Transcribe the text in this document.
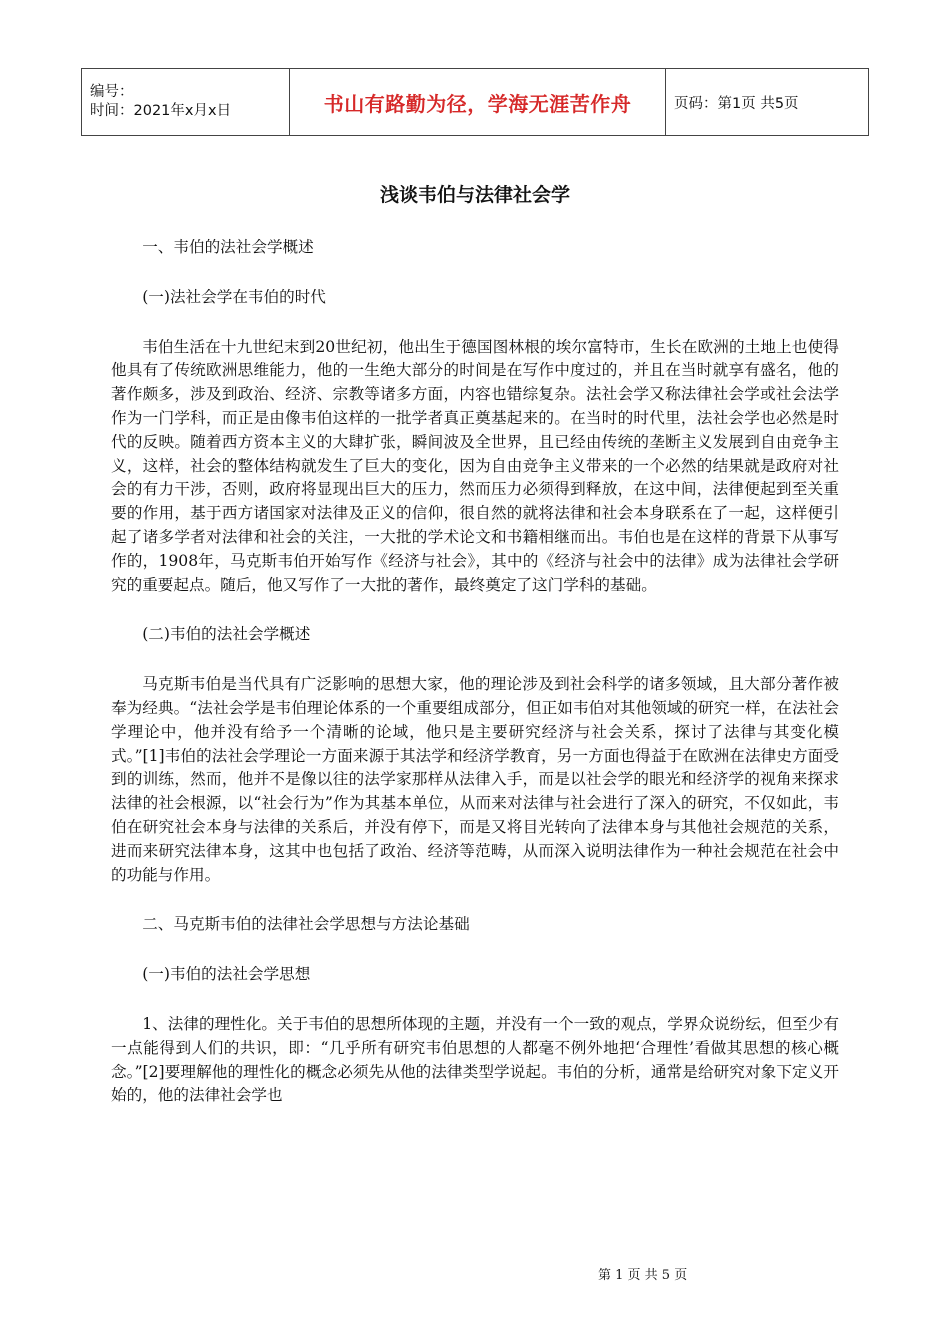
编号：
时间：2021年x月x日	书山有路勤为径，学海无涯苦作舟	页码：第1页 共5页
浅谈韦伯与法律社会学

一、韦伯的法社会学概述

(一)法社会学在韦伯的时代

韦伯生活在十九世纪末到20世纪初，他出生于德国图林根的埃尔富特市，生长在欧洲的土地上也使得他具有了传统欧洲思维能力，他的一生绝大部分的时间是在写作中度过的，并且在当时就享有盛名，他的著作颇多，涉及到政治、经济、宗教等诸多方面，内容也错综复杂。法社会学又称法律社会学或社会法学作为一门学科，而正是由像韦伯这样的一批学者真正奠基起来的。在当时的时代里，法社会学也必然是时代的反映。随着西方资本主义的大肆扩张，瞬间波及全世界，且已经由传统的垄断主义发展到自由竞争主义，这样，社会的整体结构就发生了巨大的变化，因为自由竞争主义带来的一个必然的结果就是政府对社会的有力干涉，否则，政府将显现出巨大的压力，然而压力必须得到释放，在这中间，法律便起到至关重要的作用，基于西方诸国家对法律及正义的信仰，很自然的就将法律和社会本身联系在了一起，这样便引起了诸多学者对法律和社会的关注，一大批的学术论文和书籍相继而出。韦伯也是在这样的背景下从事写作的，1908年，马克斯韦伯开始写作《经济与社会》，其中的《经济与社会中的法律》成为法律社会学研究的重要起点。随后，他又写作了一大批的著作，最终奠定了这门学科的基础。

(二)韦伯的法社会学概述

马克斯韦伯是当代具有广泛影响的思想大家，他的理论涉及到社会科学的诸多领域，且大部分著作被奉为经典。“法社会学是韦伯理论体系的一个重要组成部分，但正如韦伯对其他领域的研究一样，在法社会学理论中，他并没有给予一个清晰的论域，他只是主要研究经济与社会关系，探讨了法律与其变化模式。”[1]韦伯的法社会学理论一方面来源于其法学和经济学教育，另一方面也得益于在欧洲在法律史方面受到的训练，然而，他并不是像以往的法学家那样从法律入手，而是以社会学的眼光和经济学的视角来探求法律的社会根源，以“社会行为”作为其基本单位，从而来对法律与社会进行了深入的研究，不仅如此，韦伯在研究社会本身与法律的关系后，并没有停下，而是又将目光转向了法律本身与其他社会规范的关系，进而来研究法律本身，这其中也包括了政治、经济等范畴，从而深入说明法律作为一种社会规范在社会中的功能与作用。

二、马克斯韦伯的法律社会学思想与方法论基础

(一)韦伯的法社会学思想

1、法律的理性化。关于韦伯的思想所体现的主题，并没有一个一致的观点，学界众说纷纭，但至少有一点能得到人们的共识，即：“几乎所有研究韦伯思想的人都毫不例外地把‘合理性’看做其思想的核心概念。”[2]要理解他的理性化的概念必须先从他的法律类型学说起。韦伯的分析，通常是给研究对象下定义开始的，他的法律社会学也

第 1 页 共 5 页
